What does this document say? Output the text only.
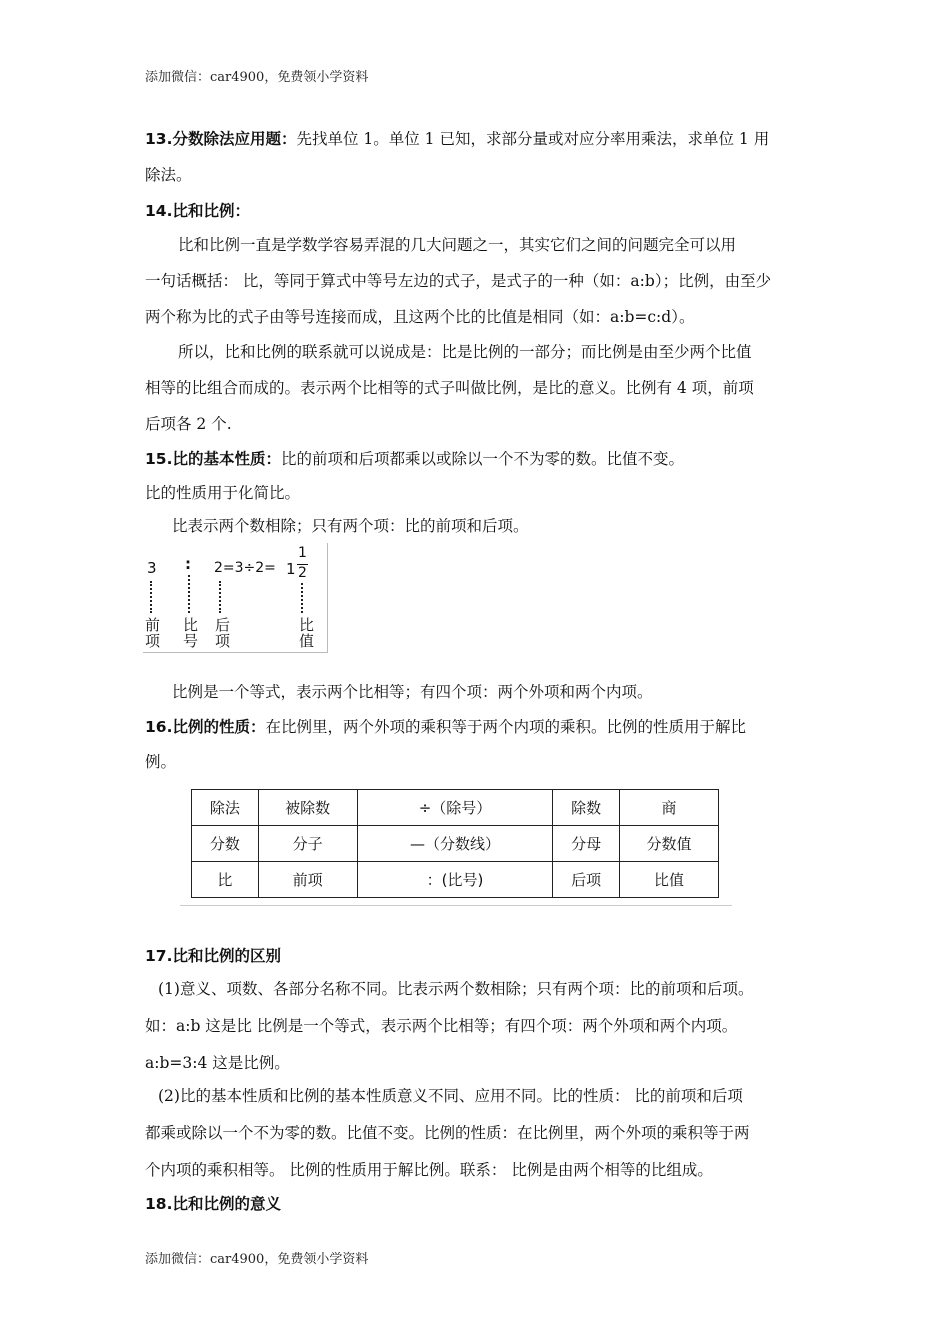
添加微信：car4900，免费领小学资料
13.分数除法应用题：先找单位 1。单位 1 已知，求部分量或对应分率用乘法，求单位 1 用
除法。
14.比和比例：
比和比例一直是学数学容易弄混的几大问题之一，其实它们之间的问题完全可以用
一句话概括： 比，等同于算式中等号左边的式子，是式子的一种（如：a:b）；比例，由至少
两个称为比的式子由等号连接而成，且这两个比的比值是相同（如：a:b=c:d）。
所以，比和比例的联系就可以说成是：比是比例的一部分；而比例是由至少两个比值
相等的比组合而成的。表示两个比相等的式子叫做比例，是比的意义。比例有 4 项，前项
后项各 2 个.
15.比的基本性质：比的前项和后项都乘以或除以一个不为零的数。比值不变。
比的性质用于化简比。
比表示两个数相除；只有两个项：比的前项和后项。
3 : 2=3÷2= 1
1
2
前
项
比
号
后
项
比
值
比例是一个等式，表示两个比相等；有四个项：两个外项和两个内项。
16.比例的性质：在比例里，两个外项的乘积等于两个内项的乘积。比例的性质用于解比
例。
除法	被除数	÷（除号）	除数	商
分数	分子	—（分数线）	分母	分数值
比	前项	：(比号)	后项	比值
17.比和比例的区别
(1)意义、项数、各部分名称不同。比表示两个数相除；只有两个项：比的前项和后项。
如：a:b 这是比 比例是一个等式，表示两个比相等；有四个项：两个外项和两个内项。
a:b=3:4 这是比例。
(2)比的基本性质和比例的基本性质意义不同、应用不同。比的性质： 比的前项和后项
都乘或除以一个不为零的数。比值不变。比例的性质：在比例里，两个外项的乘积等于两
个内项的乘积相等。 比例的性质用于解比例。联系： 比例是由两个相等的比组成。
18.比和比例的意义
添加微信：car4900，免费领小学资料
